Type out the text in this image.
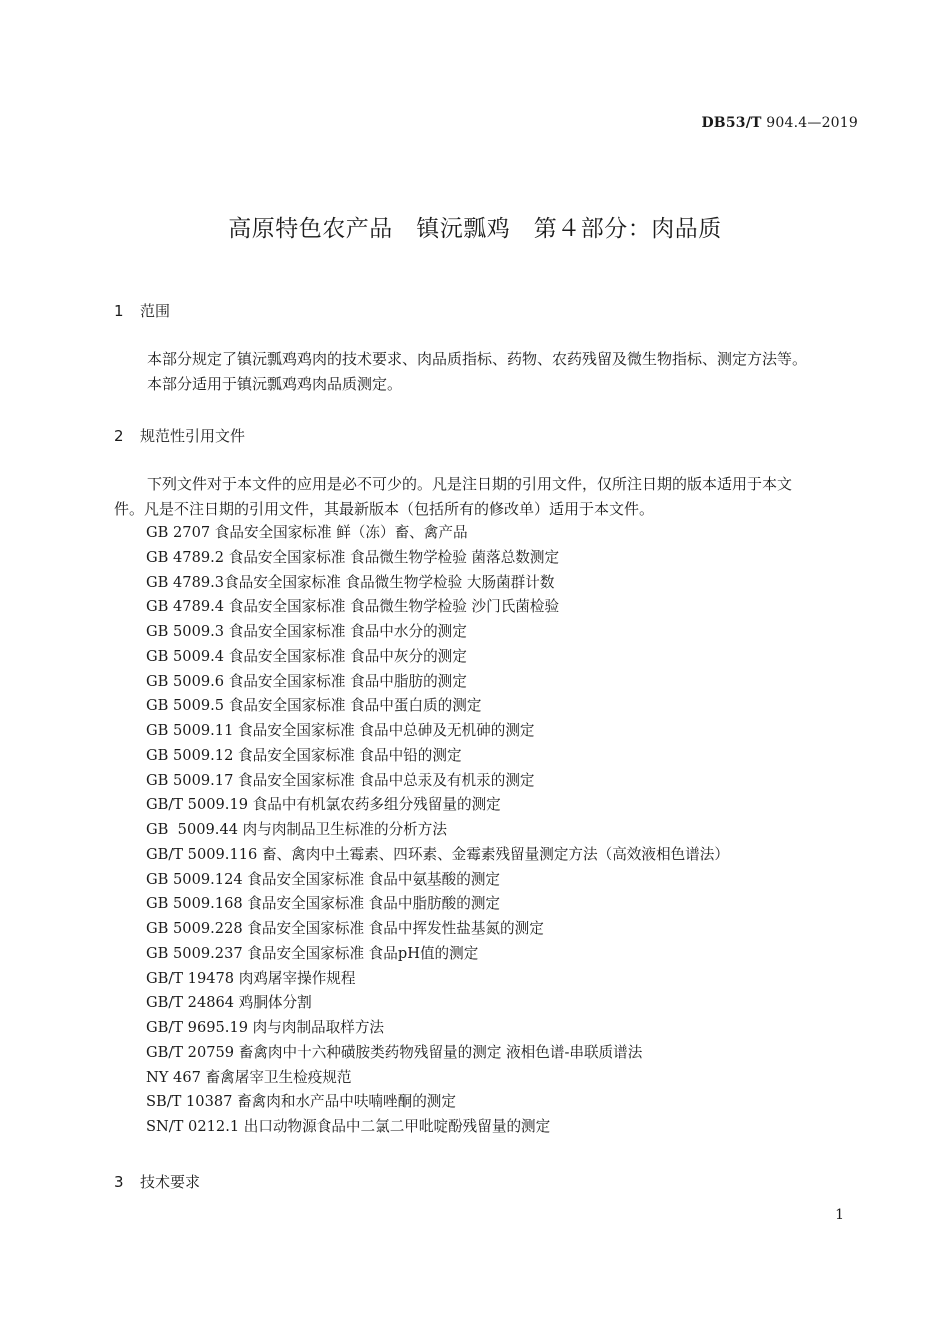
DB53/T 904.4—2019
高原特色农产品　镇沅瓢鸡　第４部分：肉品质
1 范围
本部分规定了镇沅瓢鸡鸡肉的技术要求、肉品质指标、药物、农药残留及微生物指标、测定方法等。
本部分适用于镇沅瓢鸡鸡肉品质测定。
2 规范性引用文件
下列文件对于本文件的应用是必不可少的。凡是注日期的引用文件，仅所注日期的版本适用于本文
件。凡是不注日期的引用文件，其最新版本（包括所有的修改单）适用于本文件。
GB 2707 食品安全国家标准 鲜（冻）畜、禽产品
GB 4789.2 食品安全国家标准 食品微生物学检验 菌落总数测定
GB 4789.3食品安全国家标准 食品微生物学检验 大肠菌群计数
GB 4789.4 食品安全国家标准 食品微生物学检验 沙门氏菌检验
GB 5009.3 食品安全国家标准 食品中水分的测定
GB 5009.4 食品安全国家标准 食品中灰分的测定
GB 5009.6 食品安全国家标准 食品中脂肪的测定
GB 5009.5 食品安全国家标准 食品中蛋白质的测定
GB 5009.11 食品安全国家标准 食品中总砷及无机砷的测定
GB 5009.12 食品安全国家标准 食品中铅的测定
GB 5009.17 食品安全国家标准 食品中总汞及有机汞的测定
GB/T 5009.19 食品中有机氯农药多组分残留量的测定
GB  5009.44 肉与肉制品卫生标准的分析方法
GB/T 5009.116 畜、禽肉中土霉素、四环素、金霉素残留量测定方法（高效液相色谱法）
GB 5009.124 食品安全国家标准 食品中氨基酸的测定
GB 5009.168 食品安全国家标准 食品中脂肪酸的测定
GB 5009.228 食品安全国家标准 食品中挥发性盐基氮的测定
GB 5009.237 食品安全国家标准 食品pH值的测定
GB/T 19478 肉鸡屠宰操作规程
GB/T 24864 鸡胴体分割
GB/T 9695.19 肉与肉制品取样方法
GB/T 20759 畜禽肉中十六种磺胺类药物残留量的测定 液相色谱-串联质谱法
NY 467 畜禽屠宰卫生检疫规范
SB/T 10387 畜禽肉和水产品中呋喃唑酮的测定
SN/T 0212.1 出口动物源食品中二氯二甲吡啶酚残留量的测定
3 技术要求
1
